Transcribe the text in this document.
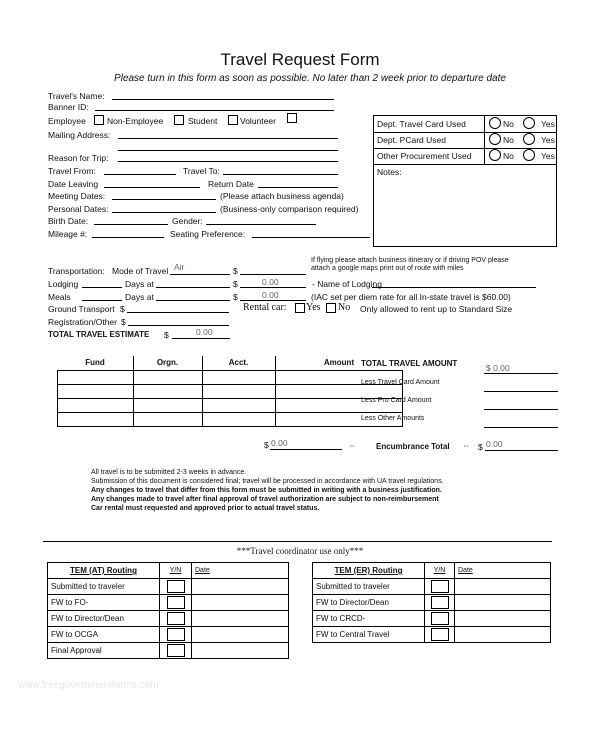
Travel Request Form
Please turn in this form as soon as possible. No later than 2 week prior to departure date
Travel's Name:
Banner ID:
Employee Non-Employee	Student	Volunteer
Mailing Address:
Reason for Trip:
Travel From:	Travel To:
Date Leaving	Return Date
Meeting Dates:	(Please attach business agenda)
Personal Dates:	(Business-only comparison required)
Birth Date:	Gender:
Mileage #:	Seating Preference:
Dept. Travel Card Used	No	Yes
Dept. PCard Used	No	Yes
Other Procurement Used	No	Yes
Notes:
Transportation: Mode of Travel Air	$
If flying please attach business itinerary or if driving POV please
attach a google maps print out of route with miles
Lodging	Days at	$	0.00	- Name of Lodging
Meals	Days at	$	0.00	(IAC set per diem rate for all In-state travel is $60.00)
Ground Transport $	Rental car: Yes No Only allowed to rent up to Standard Size
Registration/Other $
TOTAL TRAVEL ESTIMATE $	0.00
Fund	Orgn.	Acct.	Amount

$ 0.00	⇔
TOTAL TRAVEL AMOUNT	$ 0.00
Less Travel Card Amount
Less Pro Card Amount
Less Other Amounts
Encumbrance Total ⇔ $ 0.00
All travel is to be submitted 2-3 weeks in advance.
Submission of this document is considered final; travel will be processed in accordance with UA travel regulations.
Any changes to travel that differ from this form must be submitted in writing with a business justification.
Any changes made to travel after final approval of travel authorization are subject to non-reimbursement
Car rental must requested and approved prior to actual travel status.
***Travel coordinator use only***
TEM (AT) Routing	Y/N	Date
Submitted to traveler		
FW to FO-		
FW to Director/Dean		
FW to OCGA		
Final Approval		
TEM (ER) Routing	Y/N	Date
Submitted to traveler		
FW to Director/Dean		
FW to CRCD-		
FW to Central Travel		
www.freegovernmentforms.com
